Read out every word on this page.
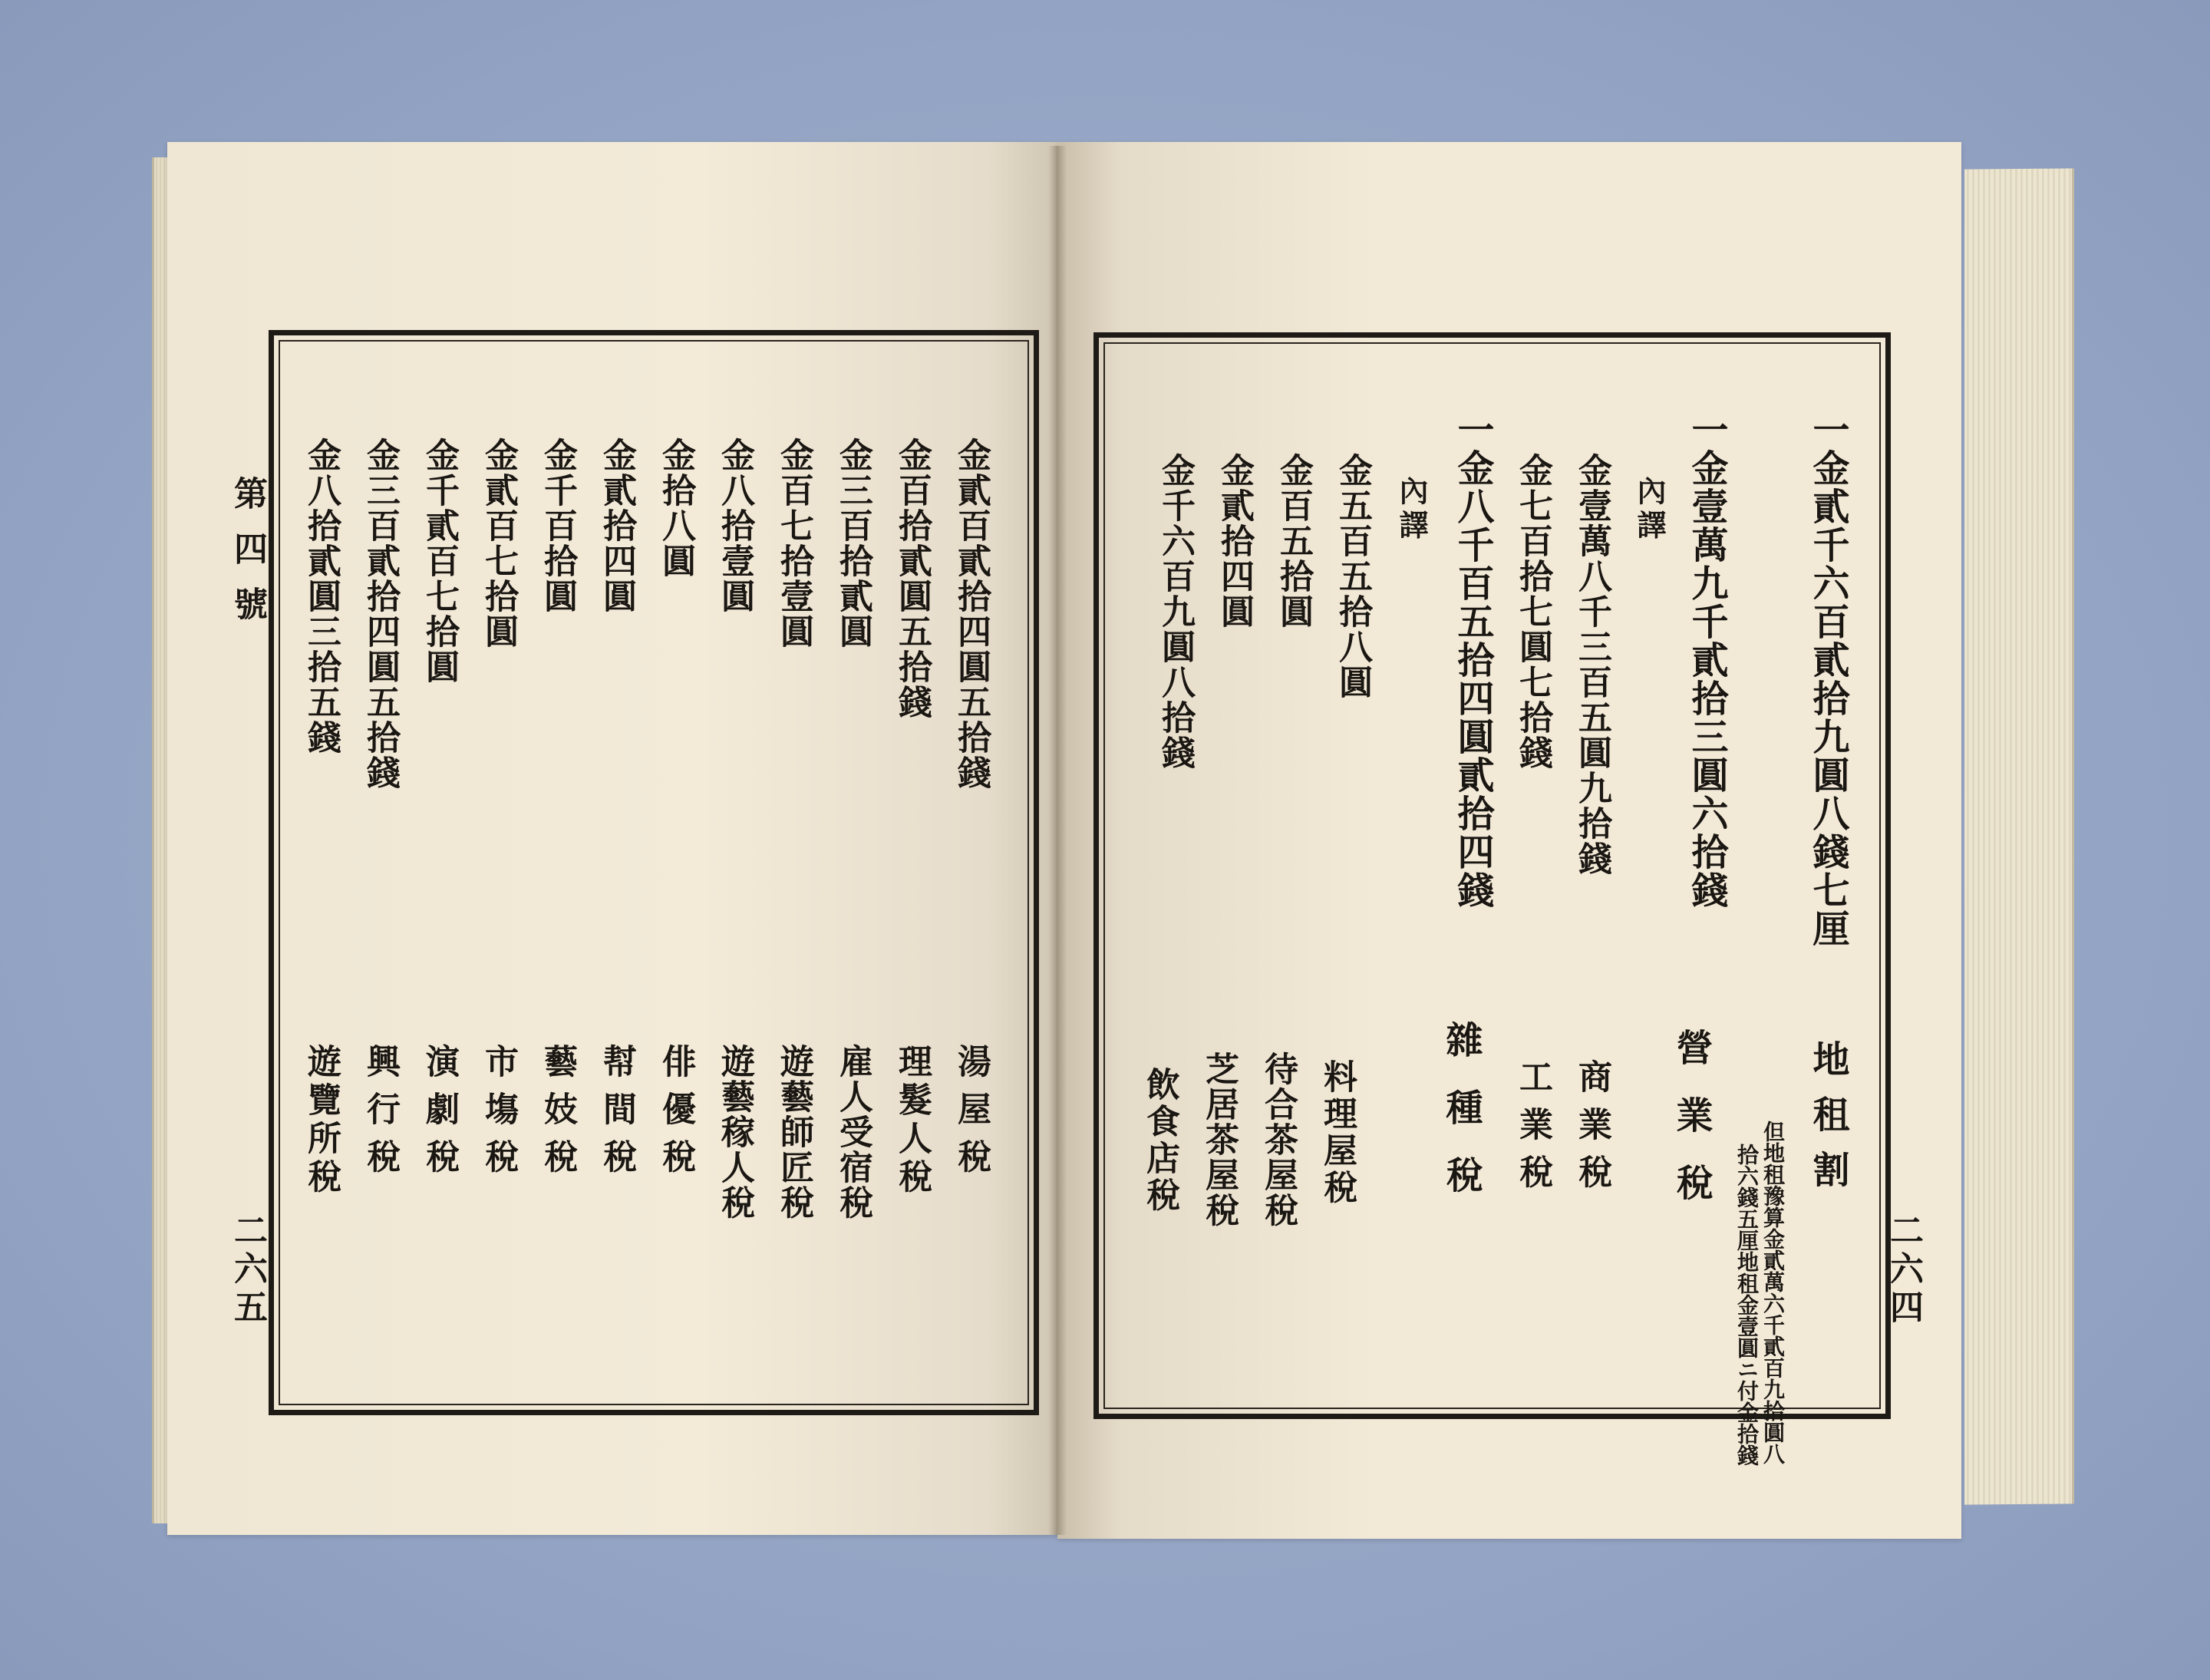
第四號
二六五
金貳百貳拾四圓五拾錢
金百拾貳圓五拾錢
金三百拾貳圓
金百七拾壹圓
金八拾壹圓
金拾八圓
金貳拾四圓
金千百拾圓
金貳百七拾圓
金千貳百七拾圓
金三百貳拾四圓五拾錢
金八拾貳圓三拾五錢
湯屋稅
理髮人稅
雇人受宿稅
遊藝師匠稅
遊藝稼人稅
俳優稅
幇間稅
藝妓稅
市塲稅
演劇稅
興行稅
遊覽所稅
二六四
一金貳千六百貳拾九圓八錢七厘
地租割
但地租豫算金貳萬六千貳百九拾圓八
拾六錢五厘地租金壹圓ニ付金拾錢
一金壹萬九千貳拾三圓六拾錢
營業稅
內譯
金壹萬八千三百五圓九拾錢
商業稅
金七百拾七圓七拾錢
工業稅
一金八千百五拾四圓貳拾四錢
雜種稅
內譯
金五百五拾八圓
料理屋稅
金百五拾圓
待合茶屋稅
金貳拾四圓
芝居茶屋稅
金千六百九圓八拾錢
飲食店稅
